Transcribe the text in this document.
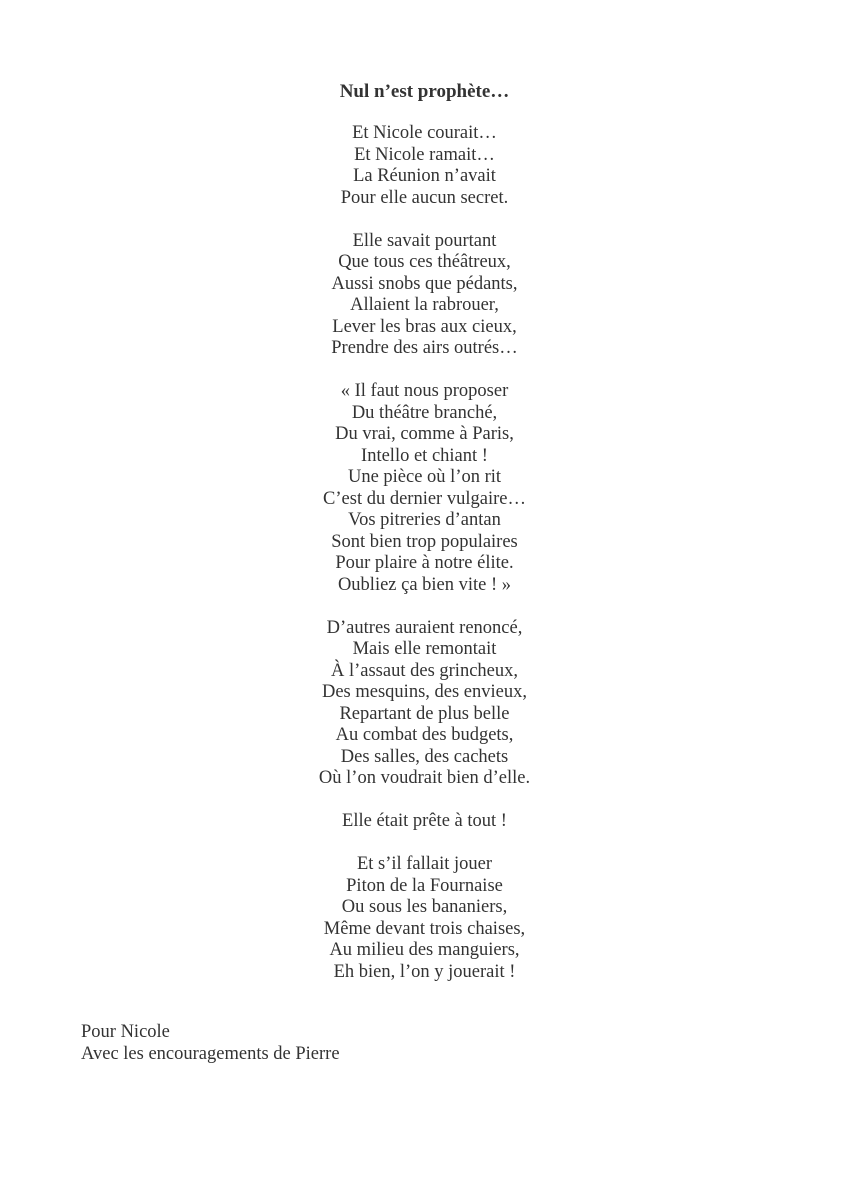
Nul n’est prophète…
Et Nicole courait…
Et Nicole ramait…
La Réunion n’avait
Pour elle aucun secret.
Elle savait pourtant
Que tous ces théâtreux,
Aussi snobs que pédants,
Allaient la rabrouer,
Lever les bras aux cieux,
Prendre des airs outrés…
« Il faut nous proposer
Du théâtre branché,
Du vrai, comme à Paris,
Intello et chiant !
Une pièce où l’on rit
C’est du dernier vulgaire…
Vos pitreries d’antan
Sont bien trop populaires
Pour plaire à notre élite.
Oubliez ça bien vite ! »
D’autres auraient renoncé,
Mais elle remontait
À l’assaut des grincheux,
Des mesquins, des envieux,
Repartant de plus belle
Au combat des budgets,
Des salles, des cachets
Où l’on voudrait bien d’elle.
Elle était prête à tout !
Et s’il fallait jouer
Piton de la Fournaise
Ou sous les bananiers,
Même devant trois chaises,
Au milieu des manguiers,
Eh bien, l’on y jouerait !
Pour Nicole
Avec les encouragements de Pierre
